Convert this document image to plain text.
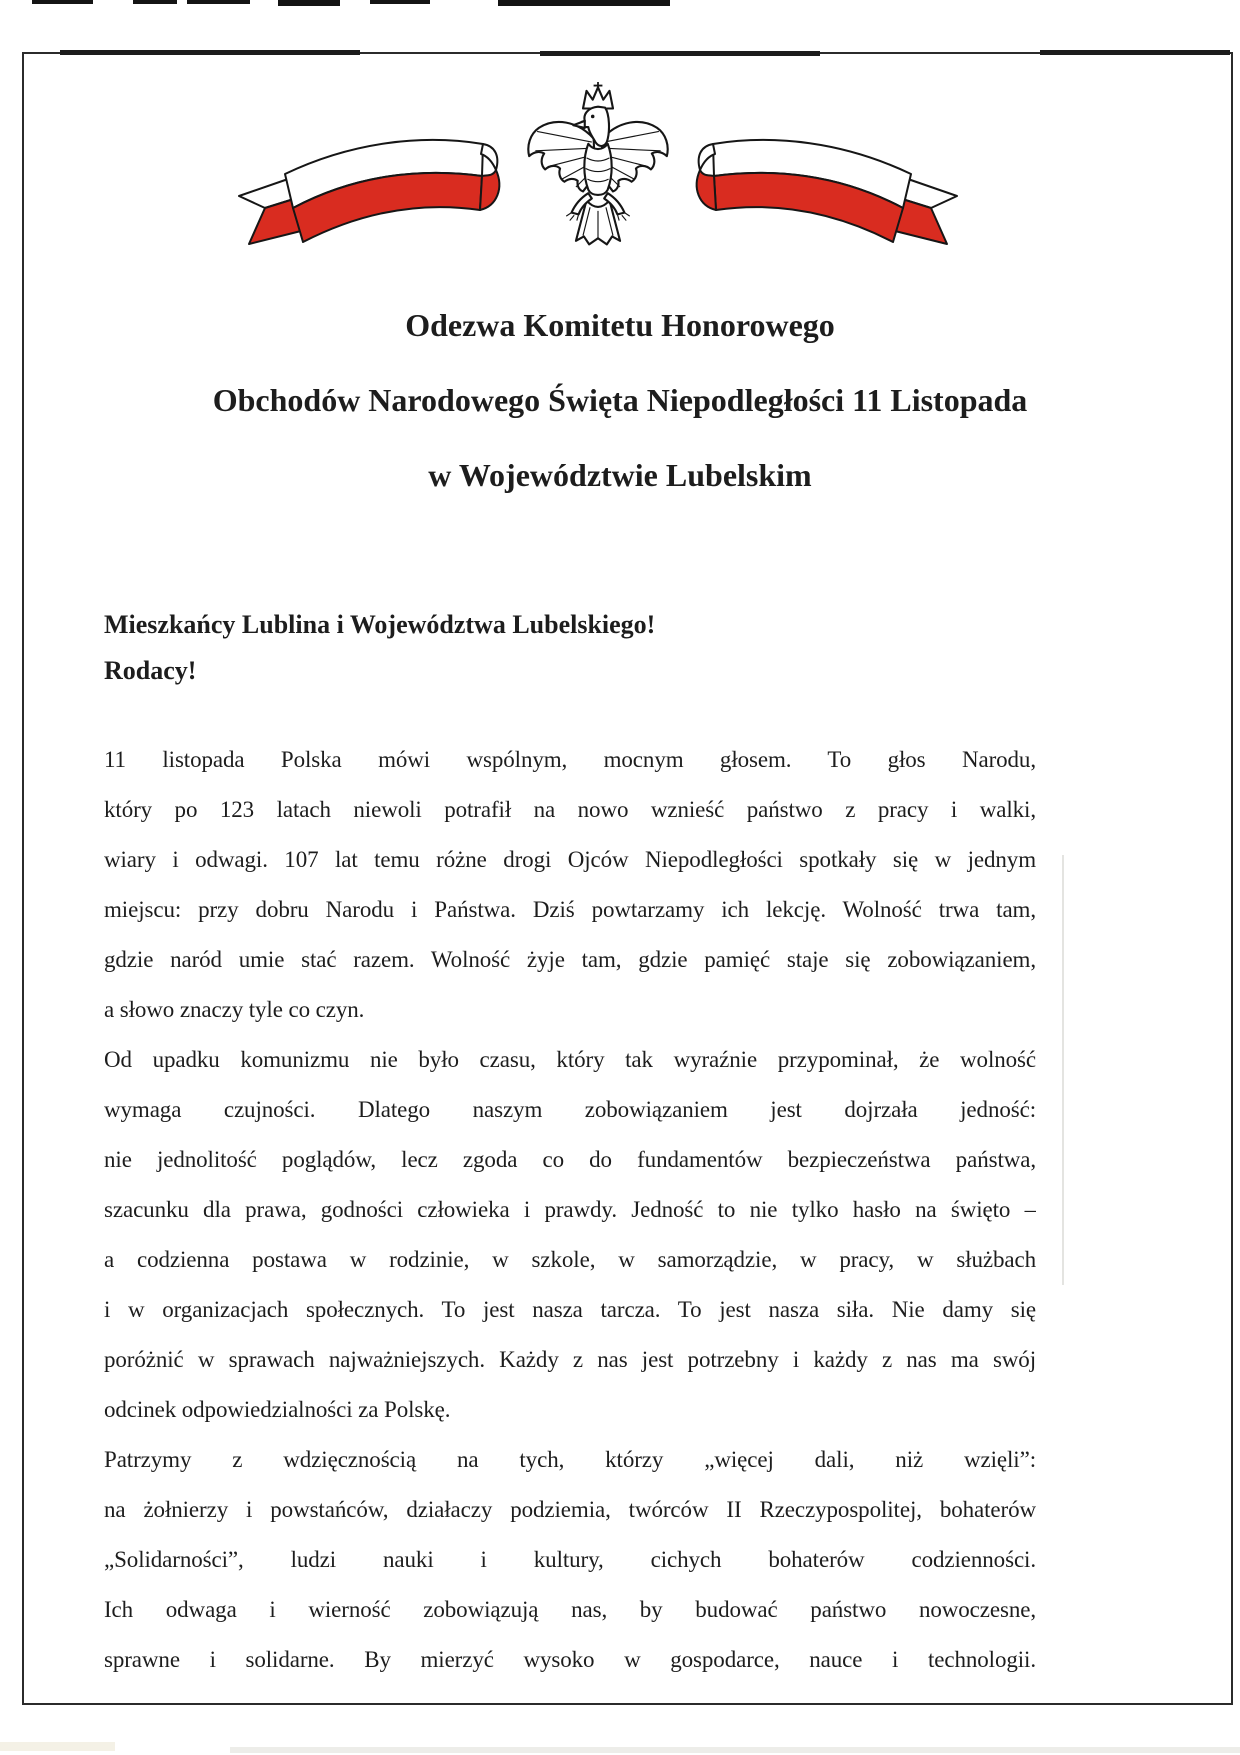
Odezwa Komitetu Honorowego
Obchodów Narodowego Święta Niepodległości 11 Listopada
w Województwie Lubelskim
Mieszkańcy Lublina i Województwa Lubelskiego!
Rodacy!
11 listopada Polska mówi wspólnym, mocnym głosem. To głos Narodu,
który po 123 latach niewoli potrafił na nowo wznieść państwo z pracy i walki,
wiary i odwagi. 107 lat temu różne drogi Ojców Niepodległości spotkały się w jednym
miejscu: przy dobru Narodu i Państwa. Dziś powtarzamy ich lekcję. Wolność trwa tam,
gdzie naród umie stać razem. Wolność żyje tam, gdzie pamięć staje się zobowiązaniem,
a słowo znaczy tyle co czyn.
Od upadku komunizmu nie było czasu, który tak wyraźnie przypominał, że wolność
wymaga czujności. Dlatego naszym zobowiązaniem jest dojrzała jedność:
nie jednolitość poglądów, lecz zgoda co do fundamentów bezpieczeństwa państwa,
szacunku dla prawa, godności człowieka i prawdy. Jedność to nie tylko hasło na święto –
a codzienna postawa w rodzinie, w szkole, w samorządzie, w pracy, w służbach
i w organizacjach społecznych. To jest nasza tarcza. To jest nasza siła. Nie damy się
poróżnić w sprawach najważniejszych. Każdy z nas jest potrzebny i każdy z nas ma swój
odcinek odpowiedzialności za Polskę.
Patrzymy z wdzięcznością na tych, którzy „więcej dali, niż wzięli”:
na żołnierzy i powstańców, działaczy podziemia, twórców II Rzeczypospolitej, bohaterów
„Solidarności”, ludzi nauki i kultury, cichych bohaterów codzienności.
Ich odwaga i wierność zobowiązują nas, by budować państwo nowoczesne,
sprawne i solidarne. By mierzyć wysoko w gospodarce, nauce i technologii.
